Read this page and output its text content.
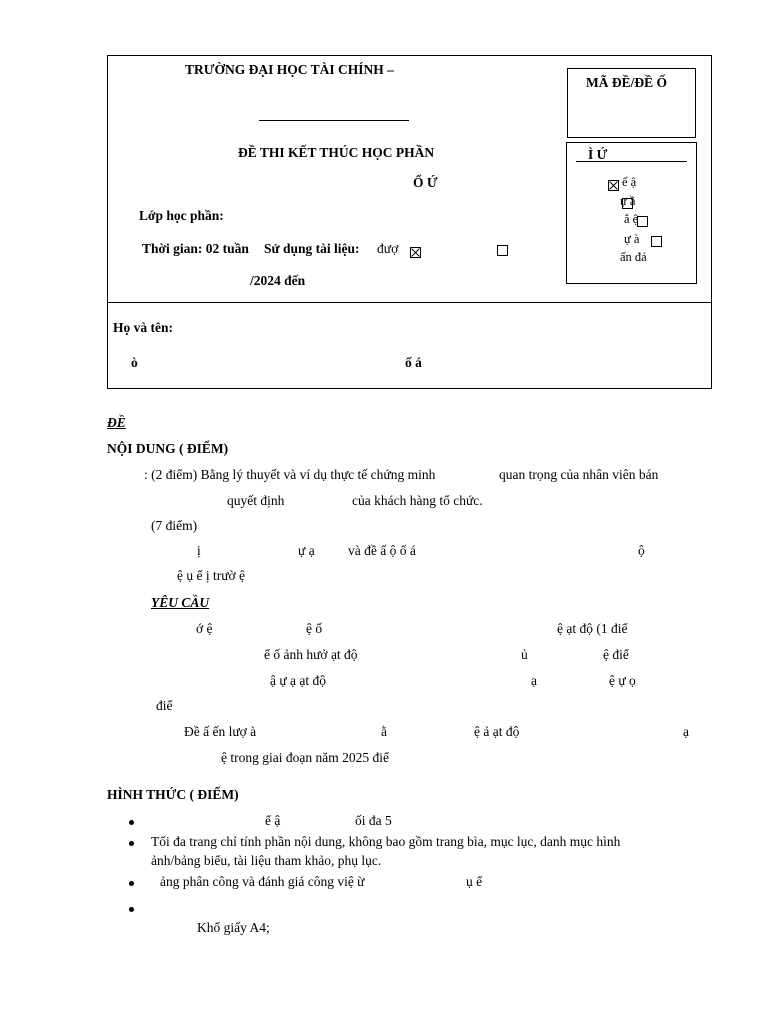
TRƯỜNG ĐẠI HỌC TÀI CHÍNH –
ĐỀ THI KẾT THÚC HỌC PHẦN
Ổ Ứ
Lớp học phần:
Thời gian: 02 tuần Sử dụng tài liệu: đượ

/2024 đến
MÃ ĐỀ/ĐỀ Ố
Ì Ứ

ể ậ

ự ầ

ắ ệ
ự à
ấn đá
Họ và tên:
ò	ố á
ĐỀ
NỘI DUNG ( ĐIỂM)
: (2 điểm) Bằng lý thuyết và ví dụ thực tế chứng minh	quan trọng của nhân viên bán
quyết định	của khách hàng tổ chức.
(7 điểm)
ị	ự ạ và đề ấ ộ ố á	ộ
ệ ụ ể ị trườ ệ
YÊU CẦU
ớ ệ	ệ ố	ệ ạt độ (1 điể
ể ố ảnh hưở ạt độ	ủ	ệ điể
ậ ự ạ ạt độ	ạ	ệ ự ọ
điể
Đề ấ ến lượ à	ằ	ệ ả ạt độ	ạ
ệ trong giai đoạn năm 2025 điể
HÌNH THỨC ( ĐIỂM)
ể ậ	ối đa 5
Tối đa trang chỉ tính phần nội dung, không bao gồm trang bìa, mục lục, danh mục hình
ảnh/bảng biểu, tài liệu tham khảo, phụ lục.
ảng phân công và đánh giá công việ ừ	ụ ể
Khổ giấy A4;
